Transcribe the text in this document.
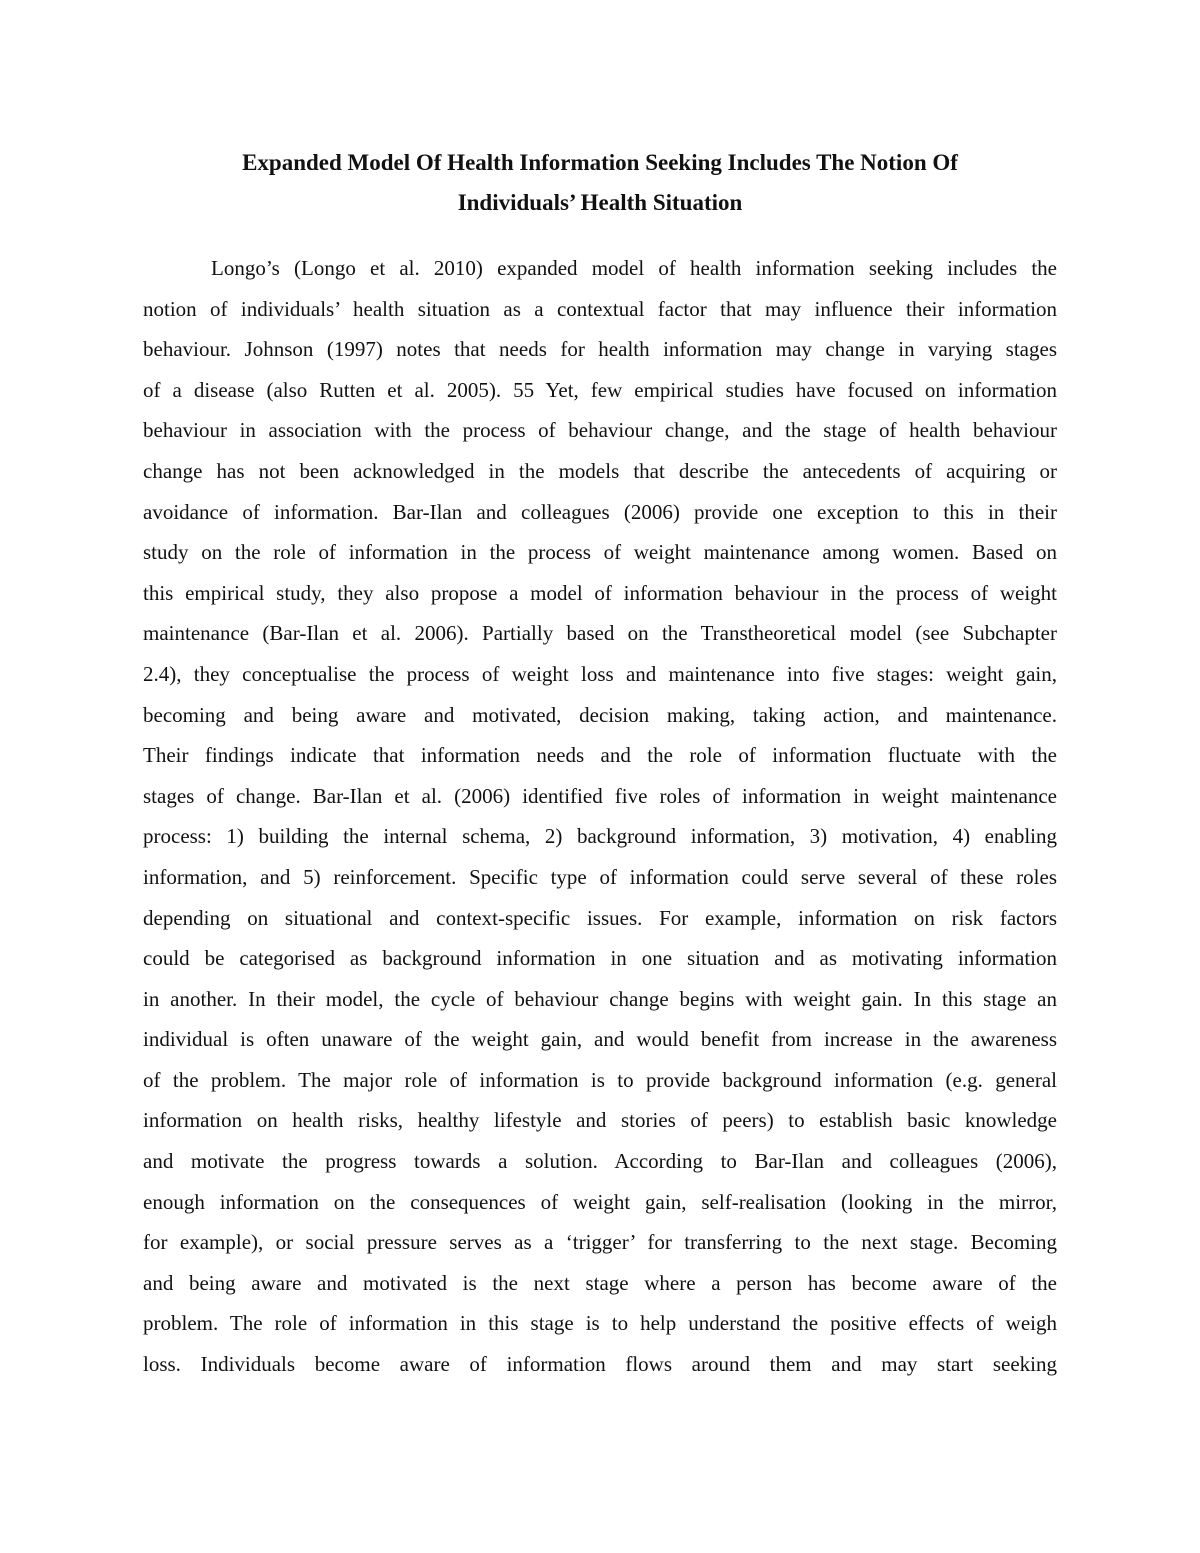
Expanded Model Of Health Information Seeking Includes The Notion Of
Individuals’ Health Situation
Longo’s (Longo et al. 2010) expanded model of health information seeking includes the
notion of individuals’ health situation as a contextual factor that may influence their information
behaviour. Johnson (1997) notes that needs for health information may change in varying stages
of a disease (also Rutten et al. 2005). 55 Yet, few empirical studies have focused on information
behaviour in association with the process of behaviour change, and the stage of health behaviour
change has not been acknowledged in the models that describe the antecedents of acquiring or
avoidance of information. Bar-Ilan and colleagues (2006) provide one exception to this in their
study on the role of information in the process of weight maintenance among women. Based on
this empirical study, they also propose a model of information behaviour in the process of weight
maintenance (Bar-Ilan et al. 2006). Partially based on the Transtheoretical model (see Subchapter
2.4), they conceptualise the process of weight loss and maintenance into five stages: weight gain,
becoming and being aware and motivated, decision making, taking action, and maintenance.
Their findings indicate that information needs and the role of information fluctuate with the
stages of change. Bar-Ilan et al. (2006) identified five roles of information in weight maintenance
process: 1) building the internal schema, 2) background information, 3) motivation, 4) enabling
information, and 5) reinforcement. Specific type of information could serve several of these roles
depending on situational and context-specific issues. For example, information on risk factors
could be categorised as background information in one situation and as motivating information
in another. In their model, the cycle of behaviour change begins with weight gain. In this stage an
individual is often unaware of the weight gain, and would benefit from increase in the awareness
of the problem. The major role of information is to provide background information (e.g. general
information on health risks, healthy lifestyle and stories of peers) to establish basic knowledge
and motivate the progress towards a solution. According to Bar-Ilan and colleagues (2006),
enough information on the consequences of weight gain, self-realisation (looking in the mirror,
for example), or social pressure serves as a ‘trigger’ for transferring to the next stage. Becoming
and being aware and motivated is the next stage where a person has become aware of the
problem. The role of information in this stage is to help understand the positive effects of weigh
loss. Individuals become aware of information flows around them and may start seeking
